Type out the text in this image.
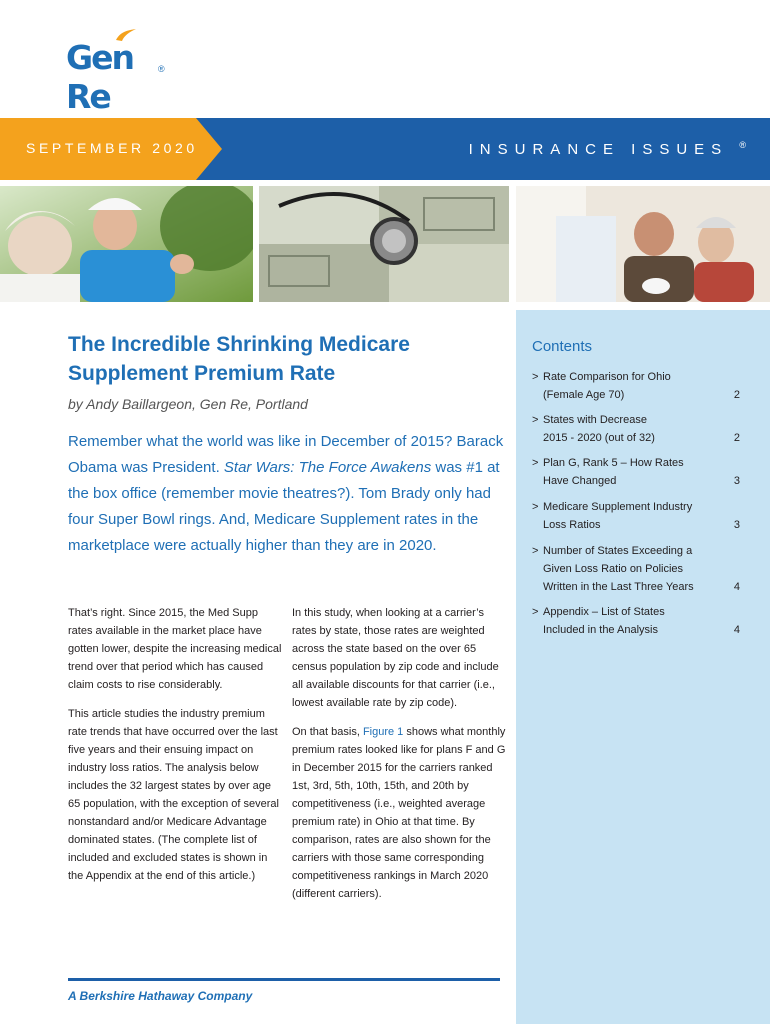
Gen Re
®
SEPTEMBER 2020	INSURANCE ISSUES ®
The Incredible Shrinking Medicare Supplement Premium Rate
by Andy Baillargeon, Gen Re, Portland
Remember what the world was like in December of 2015? Barack Obama was President. Star Wars: The Force Awakens was #1 at the box office (remember movie theatres?). Tom Brady only had four Super Bowl rings. And, Medicare Supplement rates in the marketplace were actually higher than they are in 2020.

That’s right. Since 2015, the Med Supp rates available in the market place have gotten lower, despite the increasing medical trend over that period which has caused claim costs to rise considerably.

This article studies the industry premium rate trends that have occurred over the last five years and their ensuing impact on industry loss ratios. The analysis below includes the 32 largest states by over age 65 population, with the exception of several nonstandard and/or Medicare Advantage dominated states. (The complete list of included and excluded states is shown in the Appendix at the end of this article.)

In this study, when looking at a carrier’s rates by state, those rates are weighted across the state based on the over 65 census population by zip code and include all available discounts for that carrier (i.e., lowest available rate by zip code).

On that basis, Figure 1 shows what monthly premium rates looked like for plans F and G in December 2015 for the carriers ranked 1st, 3rd, 5th, 10th, 15th, and 20th by competitiveness (i.e., weighted average premium rate) in Ohio at that time. By comparison, rates are also shown for the carriers with those same corresponding competitiveness rankings in March 2020 (different carriers).

Contents
> Rate Comparison for Ohio
(Female Age 70)	2
> States with Decrease
2015 - 2020 (out of 32)	2
> Plan G, Rank 5 – How Rates
Have Changed	3
> Medicare Supplement Industry
Loss Ratios	3
> Number of States Exceeding a
Given Loss Ratio on Policies
Written in the Last Three Years	4
> Appendix – List of States
Included in the Analysis	4
A Berkshire Hathaway Company
